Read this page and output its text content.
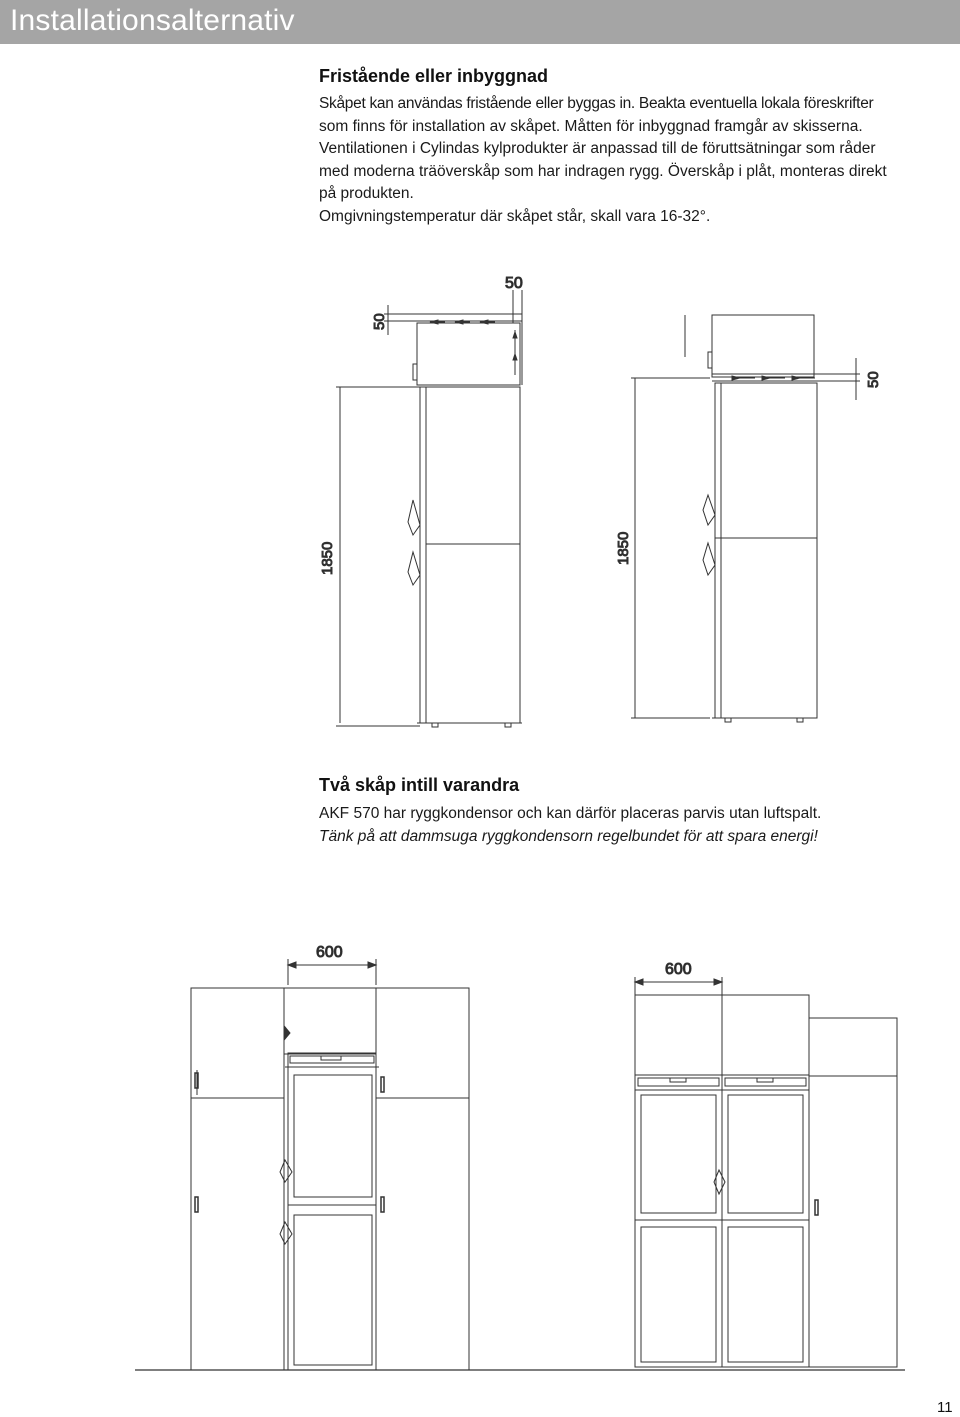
Installationsalternativ
Fristående eller inbyggnad

Skåpet kan användas fristående eller byggas in. Beakta eventuella lokala föreskrifter

som finns för installation av skåpet. Måtten för inbyggnad framgår av skisserna.

Ventilationen i Cylindas kylprodukter är anpassad till de föruttsätningar som råder

med moderna träöverskåp som har indragen rygg. Överskåp i plåt, monteras direkt

på produkten.

Omgivningstemperatur där skåpet står, skall vara 16-32°.

50
50
1850	1850
50
Två skåp intill varandra

AKF 570 har ryggkondensor och kan därför placeras parvis utan luftspalt.

Tänk på att dammsuga ryggkondensorn regelbundet för att spara energi!

600
600
11
